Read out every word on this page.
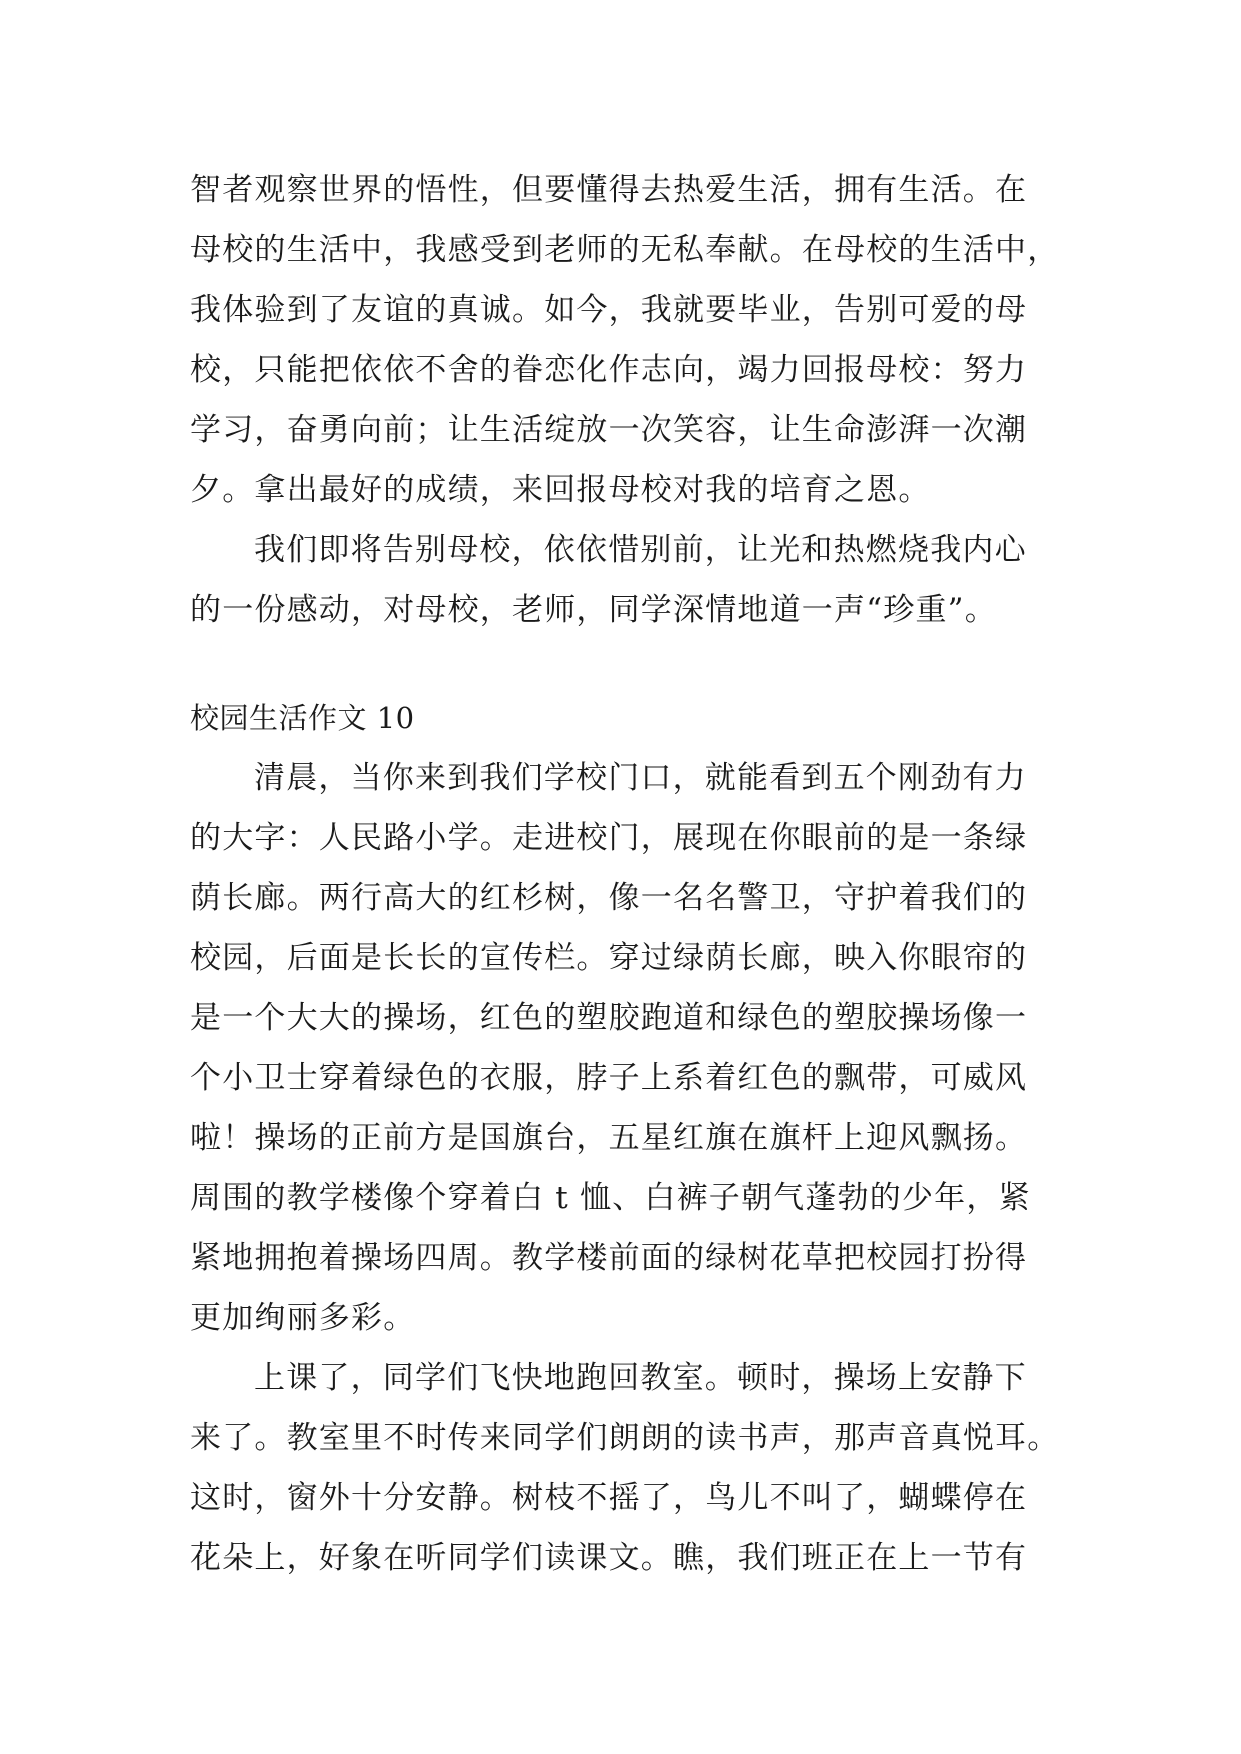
智者观察世界的悟性，但要懂得去热爱生活，拥有生活。在
母校的生活中，我感受到老师的无私奉献。在母校的生活中，
我体验到了友谊的真诚。如今，我就要毕业，告别可爱的母
校，只能把依依不舍的眷恋化作志向，竭力回报母校：努力
学习，奋勇向前；让生活绽放一次笑容，让生命澎湃一次潮
夕。拿出最好的成绩，来回报母校对我的培育之恩。
我们即将告别母校，依依惜别前，让光和热燃烧我内心
的一份感动，对母校，老师，同学深情地道一声“珍重”。
校园生活作文 10
清晨，当你来到我们学校门口，就能看到五个刚劲有力
的大字：人民路小学。走进校门，展现在你眼前的是一条绿
荫长廊。两行高大的红杉树，像一名名警卫，守护着我们的
校园，后面是长长的宣传栏。穿过绿荫长廊，映入你眼帘的
是一个大大的操场，红色的塑胶跑道和绿色的塑胶操场像一
个小卫士穿着绿色的衣服，脖子上系着红色的飘带，可威风
啦！操场的正前方是国旗台，五星红旗在旗杆上迎风飘扬。
周围的教学楼像个穿着白 t 恤、白裤子朝气蓬勃的少年，紧
紧地拥抱着操场四周。教学楼前面的绿树花草把校园打扮得
更加绚丽多彩。
上课了，同学们飞快地跑回教室。顿时，操场上安静下
来了。教室里不时传来同学们朗朗的读书声，那声音真悦耳。
这时，窗外十分安静。树枝不摇了，鸟儿不叫了，蝴蝶停在
花朵上，好象在听同学们读课文。瞧，我们班正在上一节有
